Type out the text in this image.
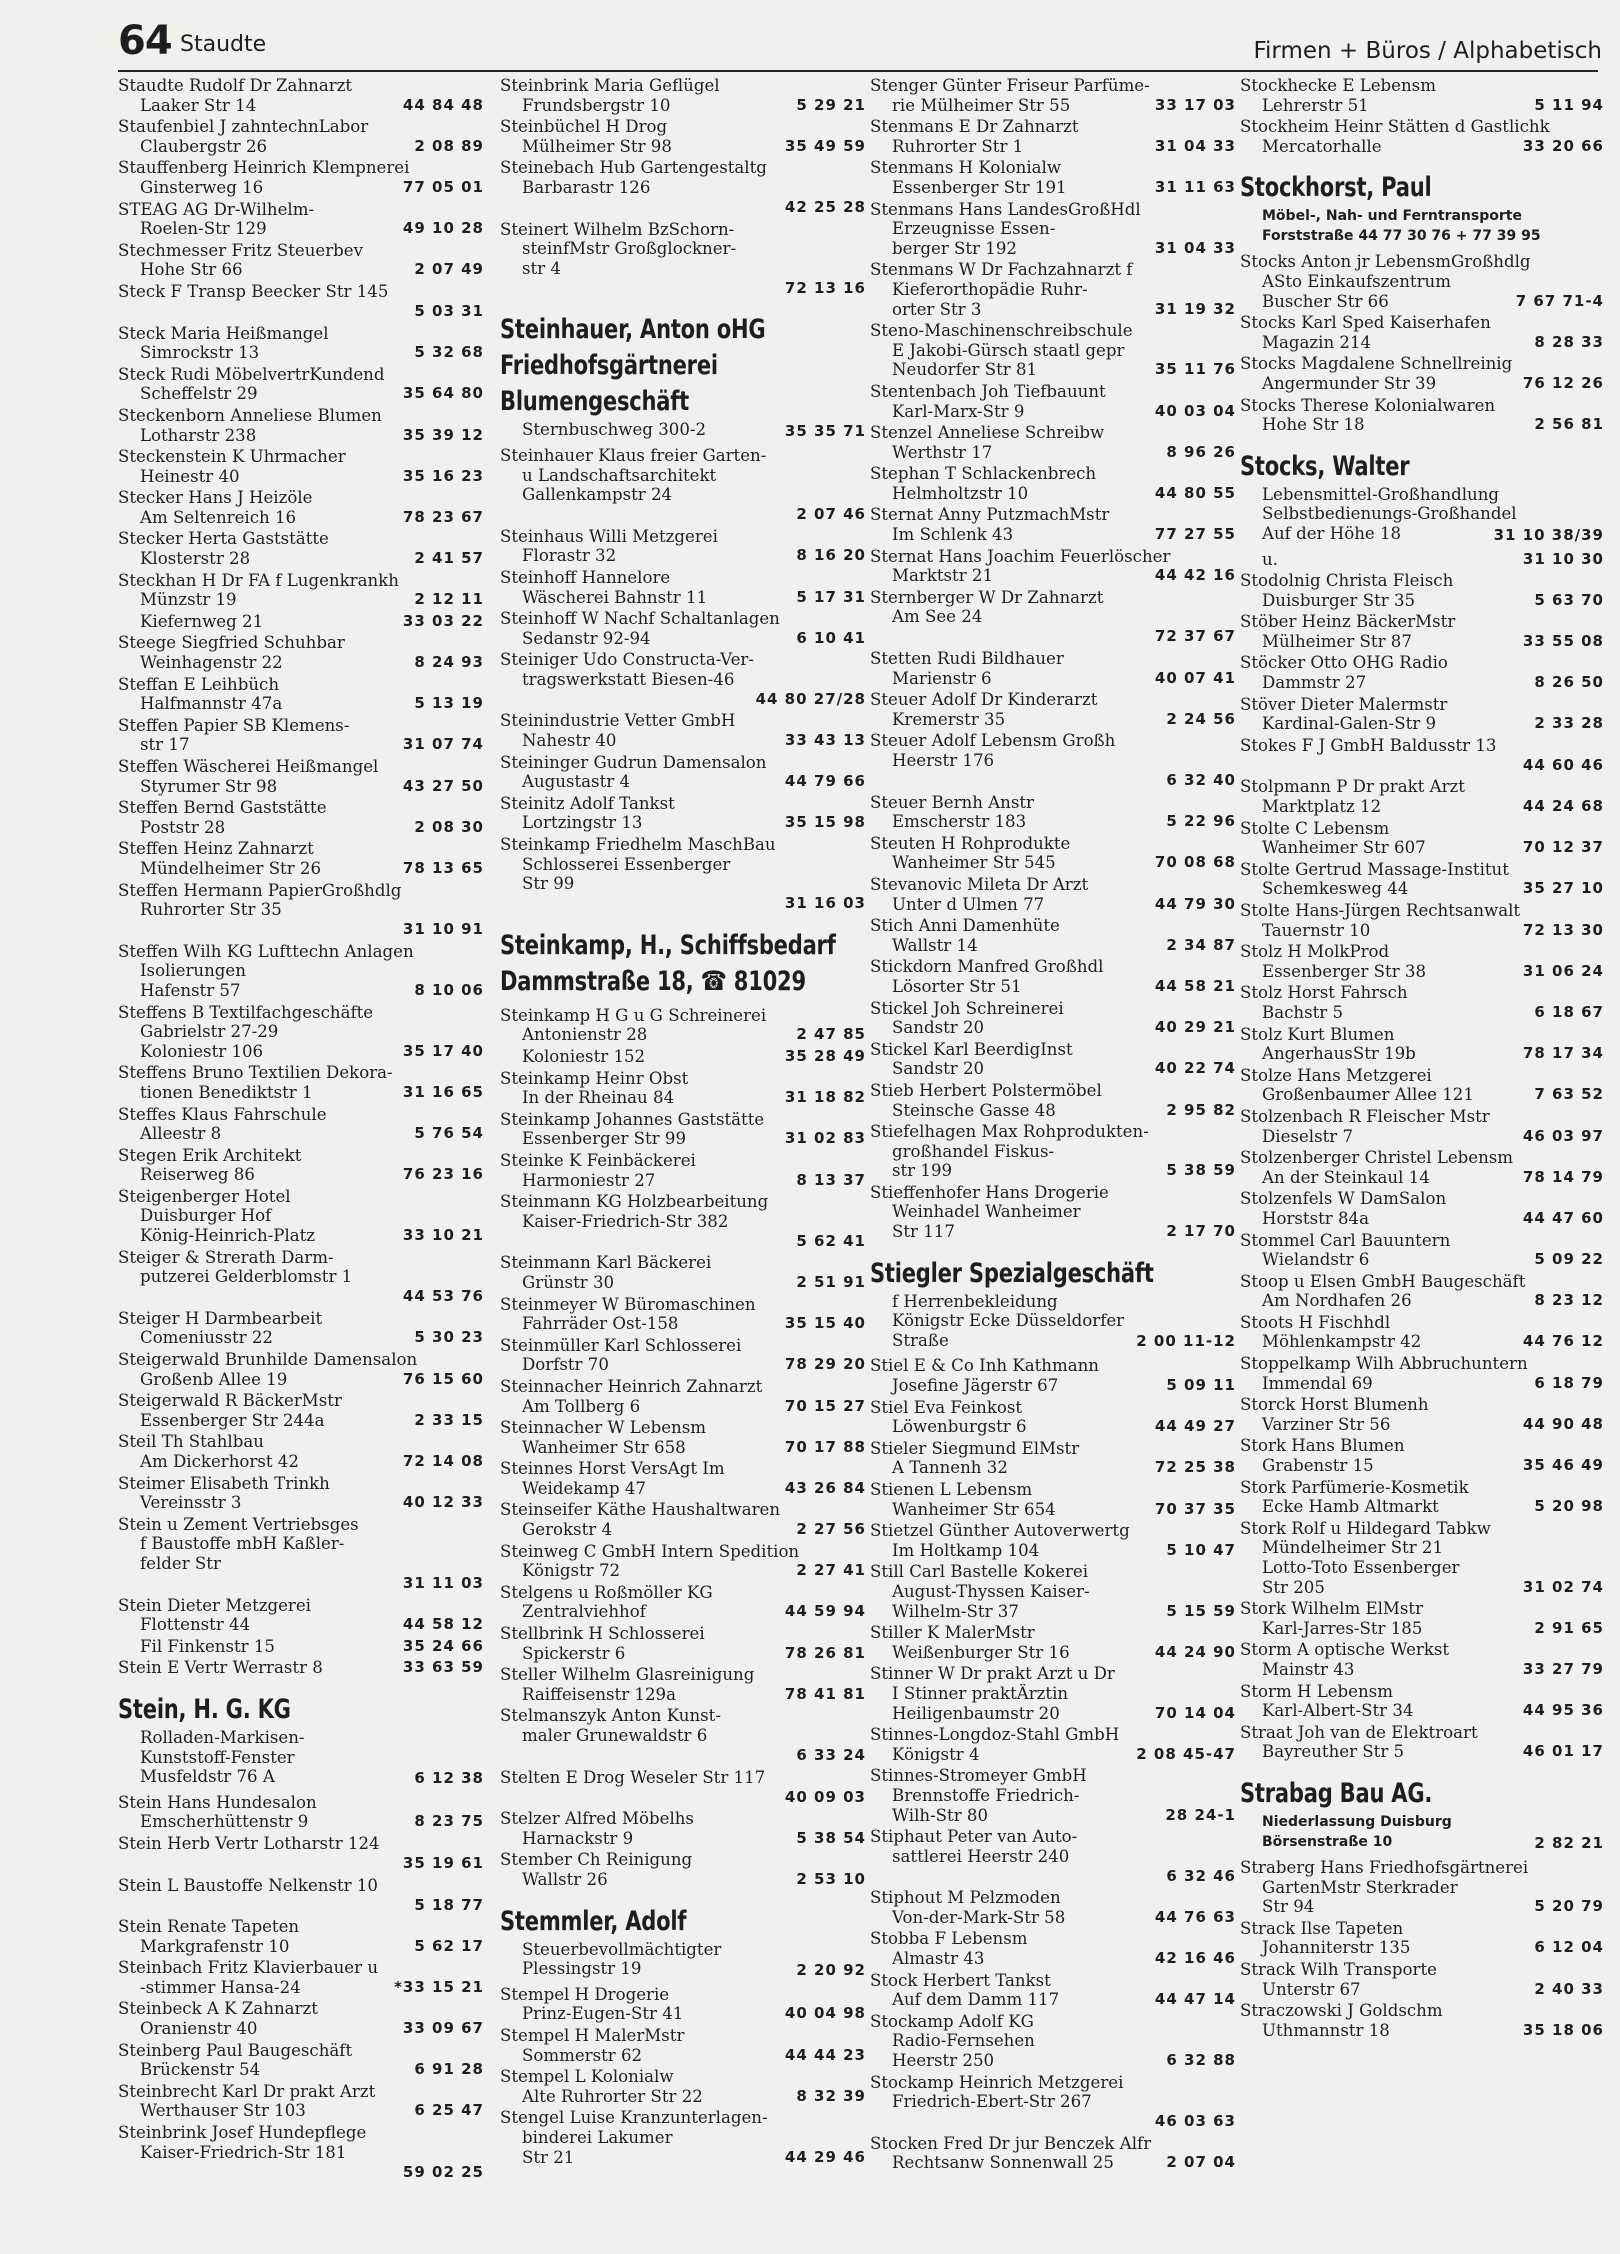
64 Staudte	Firmen + Büros / Alphabetisch
Staudte Rudolf Dr Zahnarzt
Laaker Str 14	44 84 48
Staufenbiel J zahntechnLabor
Claubergstr 26	2 08 89
Stauffenberg Heinrich Klempnerei
Ginsterweg 16	77 05 01
STEAG AG Dr-Wilhelm-
Roelen-Str 129	49 10 28
Stechmesser Fritz Steuerbev
Hohe Str 66	2 07 49
Steck F Transp Beecker Str 145
5 03 31
Steck Maria Heißmangel
Simrockstr 13	5 32 68
Steck Rudi MöbelvertrKundend
Scheffelstr 29	35 64 80
Steckenborn Anneliese Blumen
Lotharstr 238	35 39 12
Steckenstein K Uhrmacher
Heinestr 40	35 16 23
Stecker Hans J Heizöle
Am Seltenreich 16	78 23 67
Stecker Herta Gaststätte
Klosterstr 28	2 41 57
Steckhan H Dr FA f Lugenkrankh
Münzstr 19	2 12 11
Kiefernweg 21	33 03 22
Steege Siegfried Schuhbar
Weinhagenstr 22	8 24 93
Steffan E Leihbüch
Halfmannstr 47a	5 13 19
Steffen Papier SB Klemens-
str 17	31 07 74
Steffen Wäscherei Heißmangel
Styrumer Str 98	43 27 50
Steffen Bernd Gaststätte
Poststr 28	2 08 30
Steffen Heinz Zahnarzt
Mündelheimer Str 26	78 13 65
Steffen Hermann PapierGroßhdlg
Ruhrorter Str 35
31 10 91
Steffen Wilh KG Lufttechn Anlagen
Isolierungen
Hafenstr 57	8 10 06
Steffens B Textilfachgeschäfte
Gabrielstr 27-29
Koloniestr 106	35 17 40
Steffens Bruno Textilien Dekora-
tionen Benediktstr 1	31 16 65
Steffes Klaus Fahrschule
Alleestr 8	5 76 54
Stegen Erik Architekt
Reiserweg 86	76 23 16
Steigenberger Hotel
Duisburger Hof
König-Heinrich-Platz	33 10 21
Steiger & Strerath Darm-
putzerei Gelderblomstr 1
44 53 76
Steiger H Darmbearbeit
Comeniusstr 22	5 30 23
Steigerwald Brunhilde Damensalon
Großenb Allee 19	76 15 60
Steigerwald R BäckerMstr
Essenberger Str 244a	2 33 15
Steil Th Stahlbau
Am Dickerhorst 42	72 14 08
Steimer Elisabeth Trinkh
Vereinsstr 3	40 12 33
Stein u Zement Vertriebsges
f Baustoffe mbH Kaßler-
felder Str
31 11 03
Stein Dieter Metzgerei
Flottenstr 44	44 58 12
Fil Finkenstr 15	35 24 66
Stein E Vertr Werrastr 8	33 63 59
Stein, H. G. KG
Rolladen-Markisen-
Kunststoff-Fenster
Musfeldstr 76 A	6 12 38
Stein Hans Hundesalon
Emscherhüttenstr 9	8 23 75
Stein Herb Vertr Lotharstr 124
35 19 61
Stein L Baustoffe Nelkenstr 10
5 18 77
Stein Renate Tapeten
Markgrafenstr 10	5 62 17
Steinbach Fritz Klavierbauer u
-stimmer Hansa-24	*33 15 21
Steinbeck A K Zahnarzt
Oranienstr 40	33 09 67
Steinberg Paul Baugeschäft
Brückenstr 54	6 91 28
Steinbrecht Karl Dr prakt Arzt
Werthauser Str 103	6 25 47
Steinbrink Josef Hundepflege
Kaiser-Friedrich-Str 181
59 02 25
Steinbrink Maria Geflügel
Frundsbergstr 10	5 29 21
Steinbüchel H Drog
Mülheimer Str 98	35 49 59
Steinebach Hub Gartengestaltg
Barbarastr 126
42 25 28
Steinert Wilhelm BzSchorn-
steinfMstr Großglockner-
str 4
72 13 16
Steinhauer, Anton oHG
Friedhofsgärtnerei
Blumengeschäft
Sternbuschweg 300-2	35 35 71
Steinhauer Klaus freier Garten-
u Landschaftsarchitekt
Gallenkampstr 24
2 07 46
Steinhaus Willi Metzgerei
Florastr 32	8 16 20
Steinhoff Hannelore
Wäscherei Bahnstr 11	5 17 31
Steinhoff W Nachf Schaltanlagen
Sedanstr 92-94	6 10 41
Steiniger Udo Constructa-Ver-
tragswerkstatt Biesen-46
44 80 27/28
Steinindustrie Vetter GmbH
Nahestr 40	33 43 13
Steininger Gudrun Damensalon
Augustastr 4	44 79 66
Steinitz Adolf Tankst
Lortzingstr 13	35 15 98
Steinkamp Friedhelm MaschBau
Schlosserei Essenberger
Str 99
31 16 03
Steinkamp, H., Schiffsbedarf
Dammstraße 18, ☎ 81029
Steinkamp H G u G Schreinerei
Antonienstr 28	2 47 85
Koloniestr 152	35 28 49
Steinkamp Heinr Obst
In der Rheinau 84	31 18 82
Steinkamp Johannes Gaststätte
Essenberger Str 99	31 02 83
Steinke K Feinbäckerei
Harmoniestr 27	8 13 37
Steinmann KG Holzbearbeitung
Kaiser-Friedrich-Str 382
5 62 41
Steinmann Karl Bäckerei
Grünstr 30	2 51 91
Steinmeyer W Büromaschinen
Fahrräder Ost-158	35 15 40
Steinmüller Karl Schlosserei
Dorfstr 70	78 29 20
Steinnacher Heinrich Zahnarzt
Am Tollberg 6	70 15 27
Steinnacher W Lebensm
Wanheimer Str 658	70 17 88
Steinnes Horst VersAgt Im
Weidekamp 47	43 26 84
Steinseifer Käthe Haushaltwaren
Gerokstr 4	2 27 56
Steinweg C GmbH Intern Spedition
Königstr 72	2 27 41
Stelgens u Roßmöller KG
Zentralviehhof	44 59 94
Stellbrink H Schlosserei
Spickerstr 6	78 26 81
Steller Wilhelm Glasreinigung
Raiffeisenstr 129a	78 41 81
Stelmanszyk Anton Kunst-
maler Grunewaldstr 6
6 33 24
Stelten E Drog Weseler Str 117
40 09 03
Stelzer Alfred Möbelhs
Harnackstr 9	5 38 54
Stember Ch Reinigung
Wallstr 26	2 53 10
Stemmler, Adolf
Steuerbevollmächtigter
Plessingstr 19	2 20 92
Stempel H Drogerie
Prinz-Eugen-Str 41	40 04 98
Stempel H MalerMstr
Sommerstr 62	44 44 23
Stempel L Kolonialw
Alte Ruhrorter Str 22	8 32 39
Stengel Luise Kranzunterlagen-
binderei Lakumer
Str 21	44 29 46
Stenger Günter Friseur Parfüme-
rie Mülheimer Str 55	33 17 03
Stenmans E Dr Zahnarzt
Ruhrorter Str 1	31 04 33
Stenmans H Kolonialw
Essenberger Str 191	31 11 63
Stenmans Hans LandesGroßHdl
Erzeugnisse Essen-
berger Str 192	31 04 33
Stenmans W Dr Fachzahnarzt f
Kieferorthopädie Ruhr-
orter Str 3	31 19 32
Steno-Maschinenschreibschule
E Jakobi-Gürsch staatl gepr
Neudorfer Str 81	35 11 76
Stentenbach Joh Tiefbauunt
Karl-Marx-Str 9	40 03 04
Stenzel Anneliese Schreibw
Werthstr 17	8 96 26
Stephan T Schlackenbrech
Helmholtzstr 10	44 80 55
Sternat Anny PutzmachMstr
Im Schlenk 43	77 27 55
Sternat Hans Joachim Feuerlöscher
Marktstr 21	44 42 16
Sternberger W Dr Zahnarzt
Am See 24
72 37 67
Stetten Rudi Bildhauer
Marienstr 6	40 07 41
Steuer Adolf Dr Kinderarzt
Kremerstr 35	2 24 56
Steuer Adolf Lebensm Großh
Heerstr 176
6 32 40
Steuer Bernh Anstr
Emscherstr 183	5 22 96
Steuten H Rohprodukte
Wanheimer Str 545	70 08 68
Stevanovic Mileta Dr Arzt
Unter d Ulmen 77	44 79 30
Stich Anni Damenhüte
Wallstr 14	2 34 87
Stickdorn Manfred Großhdl
Lösorter Str 51	44 58 21
Stickel Joh Schreinerei
Sandstr 20	40 29 21
Stickel Karl BeerdigInst
Sandstr 20	40 22 74
Stieb Herbert Polstermöbel
Steinsche Gasse 48	2 95 82
Stiefelhagen Max Rohprodukten-
großhandel Fiskus-
str 199	5 38 59
Stieffenhofer Hans Drogerie
Weinhadel Wanheimer
Str 117	2 17 70
Stiegler Spezialgeschäft
f Herrenbekleidung
Königstr Ecke Düsseldorfer
Straße	2 00 11-12
Stiel E & Co Inh Kathmann
Josefine Jägerstr 67	5 09 11
Stiel Eva Feinkost
Löwenburgstr 6	44 49 27
Stieler Siegmund ElMstr
A Tannenh 32	72 25 38
Stienen L Lebensm
Wanheimer Str 654	70 37 35
Stietzel Günther Autoverwertg
Im Holtkamp 104	5 10 47
Still Carl Bastelle Kokerei
August-Thyssen Kaiser-
Wilhelm-Str 37	5 15 59
Stiller K MalerMstr
Weißenburger Str 16	44 24 90
Stinner W Dr prakt Arzt u Dr
I Stinner praktÄrztin
Heiligenbaumstr 20	70 14 04
Stinnes-Longdoz-Stahl GmbH
Königstr 4	2 08 45-47
Stinnes-Stromeyer GmbH
Brennstoffe Friedrich-
Wilh-Str 80	28 24-1
Stiphaut Peter van Auto-
sattlerei Heerstr 240
6 32 46
Stiphout M Pelzmoden
Von-der-Mark-Str 58	44 76 63
Stobba F Lebensm
Almastr 43	42 16 46
Stock Herbert Tankst
Auf dem Damm 117	44 47 14
Stockamp Adolf KG
Radio-Fernsehen
Heerstr 250	6 32 88
Stockamp Heinrich Metzgerei
Friedrich-Ebert-Str 267
46 03 63
Stocken Fred Dr jur Benczek Alfr
Rechtsanw Sonnenwall 25	2 07 04
Stockhecke E Lebensm
Lehrerstr 51	5 11 94
Stockheim Heinr Stätten d Gastlichk
Mercatorhalle	33 20 66
Stockhorst, Paul
Möbel-, Nah- und Ferntransporte
Forststraße 44 77 30 76 + 77 39 95
Stocks Anton jr LebensmGroßhdlg
ASto Einkaufszentrum
Buscher Str 66	7 67 71-4
Stocks Karl Sped Kaiserhafen
Magazin 214	8 28 33
Stocks Magdalene Schnellreinig
Angermunder Str 39	76 12 26
Stocks Therese Kolonialwaren
Hohe Str 18	2 56 81
Stocks, Walter
Lebensmittel-Großhandlung
Selbstbedienungs-Großhandel
Auf der Höhe 18	31 10 38/39
u.	31 10 30
Stodolnig Christa Fleisch
Duisburger Str 35	5 63 70
Stöber Heinz BäckerMstr
Mülheimer Str 87	33 55 08
Stöcker Otto OHG Radio
Dammstr 27	8 26 50
Stöver Dieter Malermstr
Kardinal-Galen-Str 9	2 33 28
Stokes F J GmbH Baldusstr 13
44 60 46
Stolpmann P Dr prakt Arzt
Marktplatz 12	44 24 68
Stolte C Lebensm
Wanheimer Str 607	70 12 37
Stolte Gertrud Massage-Institut
Schemkesweg 44	35 27 10
Stolte Hans-Jürgen Rechtsanwalt
Tauernstr 10	72 13 30
Stolz H MolkProd
Essenberger Str 38	31 06 24
Stolz Horst Fahrsch
Bachstr 5	6 18 67
Stolz Kurt Blumen
AngerhausStr 19b	78 17 34
Stolze Hans Metzgerei
Großenbaumer Allee 121	7 63 52
Stolzenbach R Fleischer Mstr
Dieselstr 7	46 03 97
Stolzenberger Christel Lebensm
An der Steinkaul 14	78 14 79
Stolzenfels W DamSalon
Horststr 84a	44 47 60
Stommel Carl Bauuntern
Wielandstr 6	5 09 22
Stoop u Elsen GmbH Baugeschäft
Am Nordhafen 26	8 23 12
Stoots H Fischhdl
Möhlenkampstr 42	44 76 12
Stoppelkamp Wilh Abbruchuntern
Immendal 69	6 18 79
Storck Horst Blumenh
Varziner Str 56	44 90 48
Stork Hans Blumen
Grabenstr 15	35 46 49
Stork Parfümerie-Kosmetik
Ecke Hamb Altmarkt	5 20 98
Stork Rolf u Hildegard Tabkw
Mündelheimer Str 21
Lotto-Toto Essenberger
Str 205	31 02 74
Stork Wilhelm ElMstr
Karl-Jarres-Str 185	2 91 65
Storm A optische Werkst
Mainstr 43	33 27 79
Storm H Lebensm
Karl-Albert-Str 34	44 95 36
Straat Joh van de Elektroart
Bayreuther Str 5	46 01 17
Strabag Bau AG.
Niederlassung Duisburg
Börsenstraße 10	2 82 21
Straberg Hans Friedhofsgärtnerei
GartenMstr Sterkrader
Str 94	5 20 79
Strack Ilse Tapeten
Johanniterstr 135	6 12 04
Strack Wilh Transporte
Unterstr 67	2 40 33
Straczowski J Goldschm
Uthmannstr 18	35 18 06
